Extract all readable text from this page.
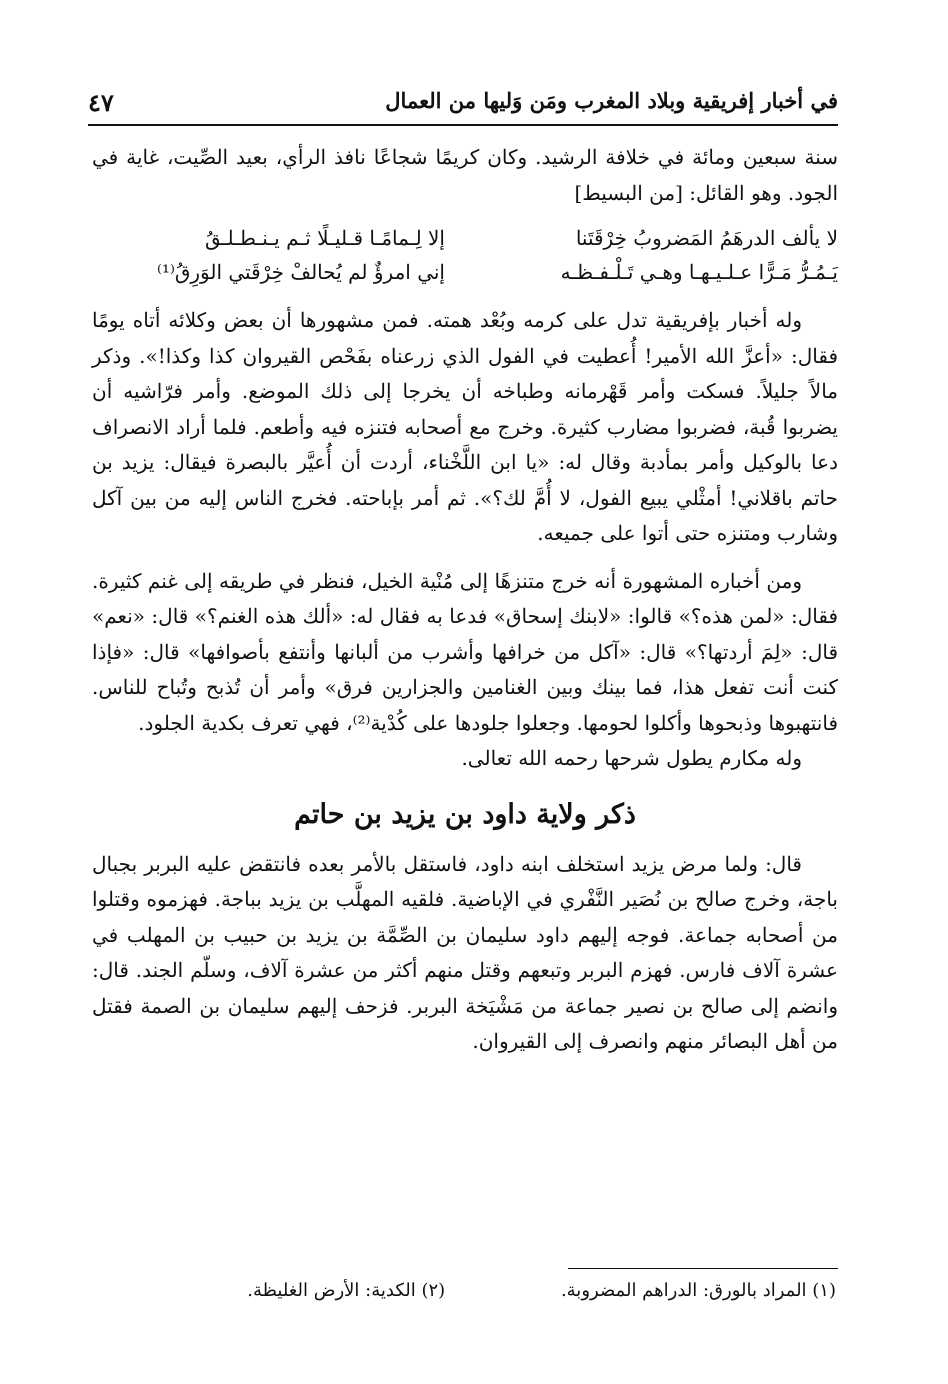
في أخبار إفريقية وبلاد المغرب ومَن وَليها من العمال
٤٧

سنة سبعين ومائة في خلافة الرشيد. وكان كريمًا شجاعًا نافذ الرأي، بعيد الصِّيت، غاية في الجود. وهو القائل: [من البسيط]

لا يألف الدرهَمُ المَضروبُ خِرْقَتَنا
إلا لِـمامًـا قـليـلًا ثـم يـنـطـلـقُ
يَـمُـرُّ مَـرًّا عـلـيـهـا وهـي تَـلْـفـظـه
إني امرؤٌ لم يُحالفْ خِرْقَتي الوَرِقُ⁽¹⁾

وله أخبار بإفريقية تدل على كرمه وبُعْد همته. فمن مشهورها أن بعض وكلائه أتاه يومًا فقال: «أعزَّ الله الأمير! أُعطيت في الفول الذي زرعناه بفَحْص القيروان كذا وكذا!». وذكر مالاً جليلاً. فسكت وأمر قَهْرمانه وطباخه أن يخرجا إلى ذلك الموضع. وأمر فرّاشيه أن يضربوا قُبة، فضربوا مضارب كثيرة. وخرج مع أصحابه فتنزه فيه وأطعم. فلما أراد الانصراف دعا بالوكيل وأمر بمأدبة وقال له: «يا ابن اللَّخْناء، أردت أن أُعيَّر بالبصرة فيقال: يزيد بن حاتم باقلاني! أمثْلي يبيع الفول، لا أُمَّ لك؟». ثم أمر بإباحته. فخرج الناس إليه من بين آكل وشارب ومتنزه حتى أتوا على جميعه.

ومن أخباره المشهورة أنه خرج متنزهًا إلى مُنْية الخيل، فنظر في طريقه إلى غنم كثيرة. فقال: «لمن هذه؟» قالوا: «لابنك إسحاق» فدعا به فقال له: «ألك هذه الغنم؟» قال: «نعم» قال: «لِمَ أردتها؟» قال: «آكل من خرافها وأشرب من ألبانها وأنتفع بأصوافها» قال: «فإذا كنت أنت تفعل هذا، فما بينك وبين الغنامين والجزارين فرق» وأمر أن تُذبح وتُباح للناس. فانتهبوها وذبحوها وأكلوا لحومها. وجعلوا جلودها على كُدْية⁽²⁾، فهي تعرف بكدية الجلود.

وله مكارم يطول شرحها رحمه الله تعالى.

ذكر ولاية داود بن يزيد بن حاتم

قال: ولما مرض يزيد استخلف ابنه داود، فاستقل بالأمر بعده فانتقض عليه البربر بجبال باجة، وخرج صالح بن نُصَير النَّفْري في الإباضية. فلقيه المهلَّب بن يزيد بباجة. فهزموه وقتلوا من أصحابه جماعة. فوجه إليهم داود سليمان بن الصِّمَّة بن يزيد بن حبيب بن المهلب في عشرة آلاف فارس. فهزم البربر وتبعهم وقتل منهم أكثر من عشرة آلاف، وسلّم الجند. قال: وانضم إلى صالح بن نصير جماعة من مَشْيَخة البربر. فزحف إليهم سليمان بن الصمة فقتل من أهل البصائر منهم وانصرف إلى القيروان.

(١) المراد بالورق: الدراهم المضروبة. (٢) الكدية: الأرض الغليظة.
